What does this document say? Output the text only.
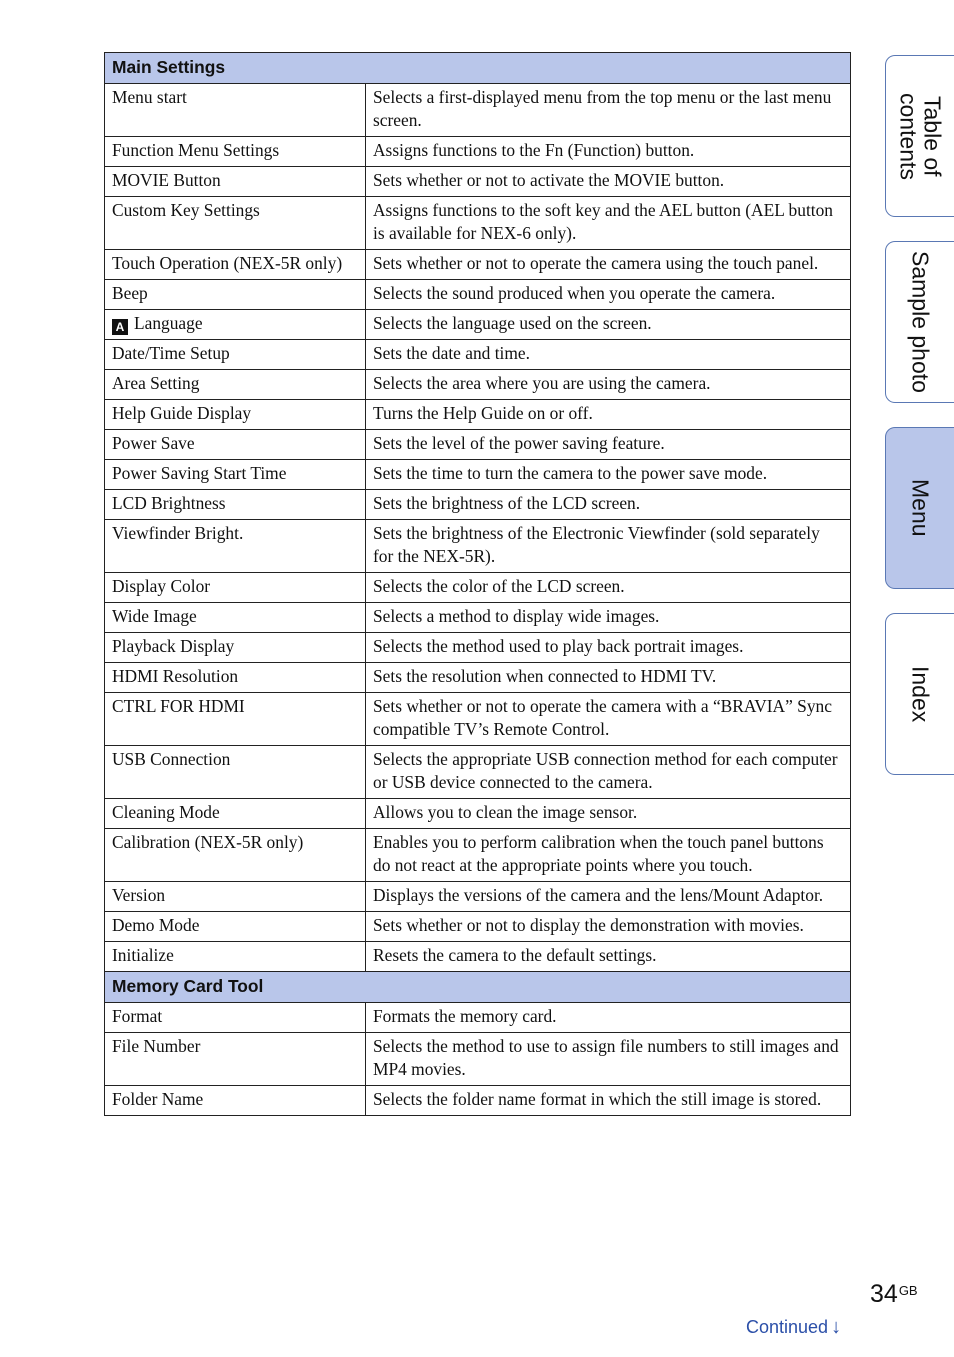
Main Settings	
Menu start	Selects a first-displayed menu from the top menu or the last menu screen.
Function Menu Settings	Assigns functions to the Fn (Function) button.
MOVIE Button	Sets whether or not to activate the MOVIE button.
Custom Key Settings	Assigns functions to the soft key and the AEL button (AEL button is available for NEX-6 only).
Touch Operation (NEX-5R only)	Sets whether or not to operate the camera using the touch panel.
Beep	Selects the sound produced when you operate the camera.
A Language	Selects the language used on the screen.
Date/Time Setup	Sets the date and time.
Area Setting	Selects the area where you are using the camera.
Help Guide Display	Turns the Help Guide on or off.
Power Save	Sets the level of the power saving feature.
Power Saving Start Time	Sets the time to turn the camera to the power save mode.
LCD Brightness	Sets the brightness of the LCD screen.
Viewfinder Bright.	Sets the brightness of the Electronic Viewfinder (sold separately for the NEX-5R).
Display Color	Selects the color of the LCD screen.
Wide Image	Selects a method to display wide images.
Playback Display	Selects the method used to play back portrait images.
HDMI Resolution	Sets the resolution when connected to HDMI TV.
CTRL FOR HDMI	Sets whether or not to operate the camera with a “BRAVIA” Sync compatible TV’s Remote Control.
USB Connection	Selects the appropriate USB connection method for each computer or USB device connected to the camera.
Cleaning Mode	Allows you to clean the image sensor.
Calibration (NEX-5R only)	Enables you to perform calibration when the touch panel buttons do not react at the appropriate points where you touch.
Version	Displays the versions of the camera and the lens/Mount Adaptor.
Demo Mode	Sets whether or not to display the demonstration with movies.
Initialize	Resets the camera to the default settings.
Memory Card Tool	
Format	Formats the memory card.
File Number	Selects the method to use to assign file numbers to still images and MP4 movies.
Folder Name	Selects the folder name format in which the still image is stored.
Table of
contents
Sample photo
Menu
Index
$34^{GB}$
Continued ↓
